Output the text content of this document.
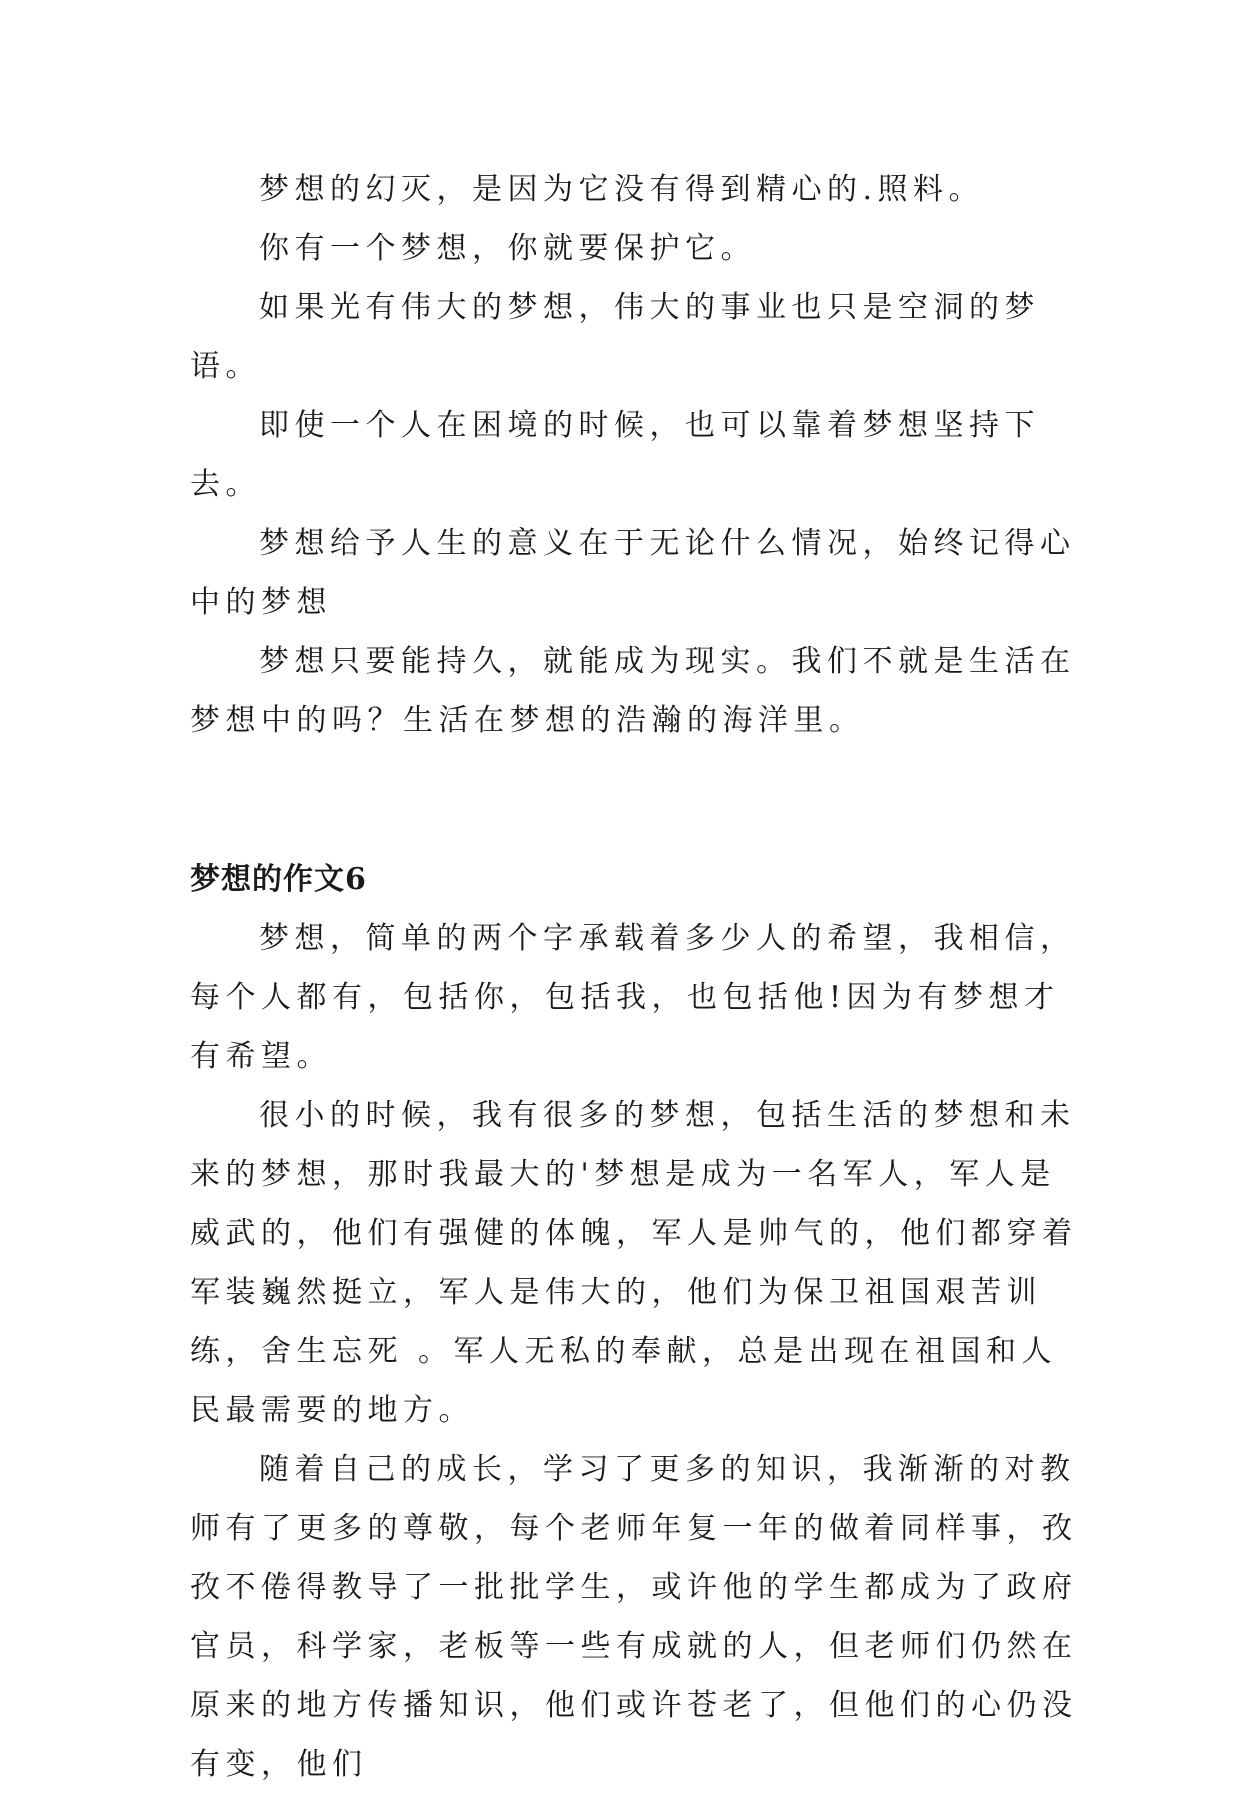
梦想的幻灭，是因为它没有得到精心的.照料。

你有一个梦想，你就要保护它。

如果光有伟大的梦想，伟大的事业也只是空洞的梦语。

即使一个人在困境的时候，也可以靠着梦想坚持下去。

梦想给予人生的意义在于无论什么情况，始终记得心中的梦想

梦想只要能持久，就能成为现实。我们不就是生活在梦想中的吗？生活在梦想的浩瀚的海洋里。

梦想的作文6

梦想，简单的两个字承载着多少人的希望，我相信，每个人都有，包括你，包括我，也包括他!因为有梦想才有希望。

很小的时候，我有很多的梦想，包括生活的梦想和未来的梦想，那时我最大的'梦想是成为一名军人，军人是威武的，他们有强健的体魄，军人是帅气的，他们都穿着军装巍然挺立，军人是伟大的，他们为保卫祖国艰苦训练，舍生忘死 。军人无私的奉献，总是出现在祖国和人民最需要的地方。

随着自己的成长，学习了更多的知识，我渐渐的对教师有了更多的尊敬，每个老师年复一年的做着同样事，孜孜不倦得教导了一批批学生，或许他的学生都成为了政府官员，科学家，老板等一些有成就的人，但老师们仍然在原来的地方传播知识，他们或许苍老了，但他们的心仍没有变，他们
